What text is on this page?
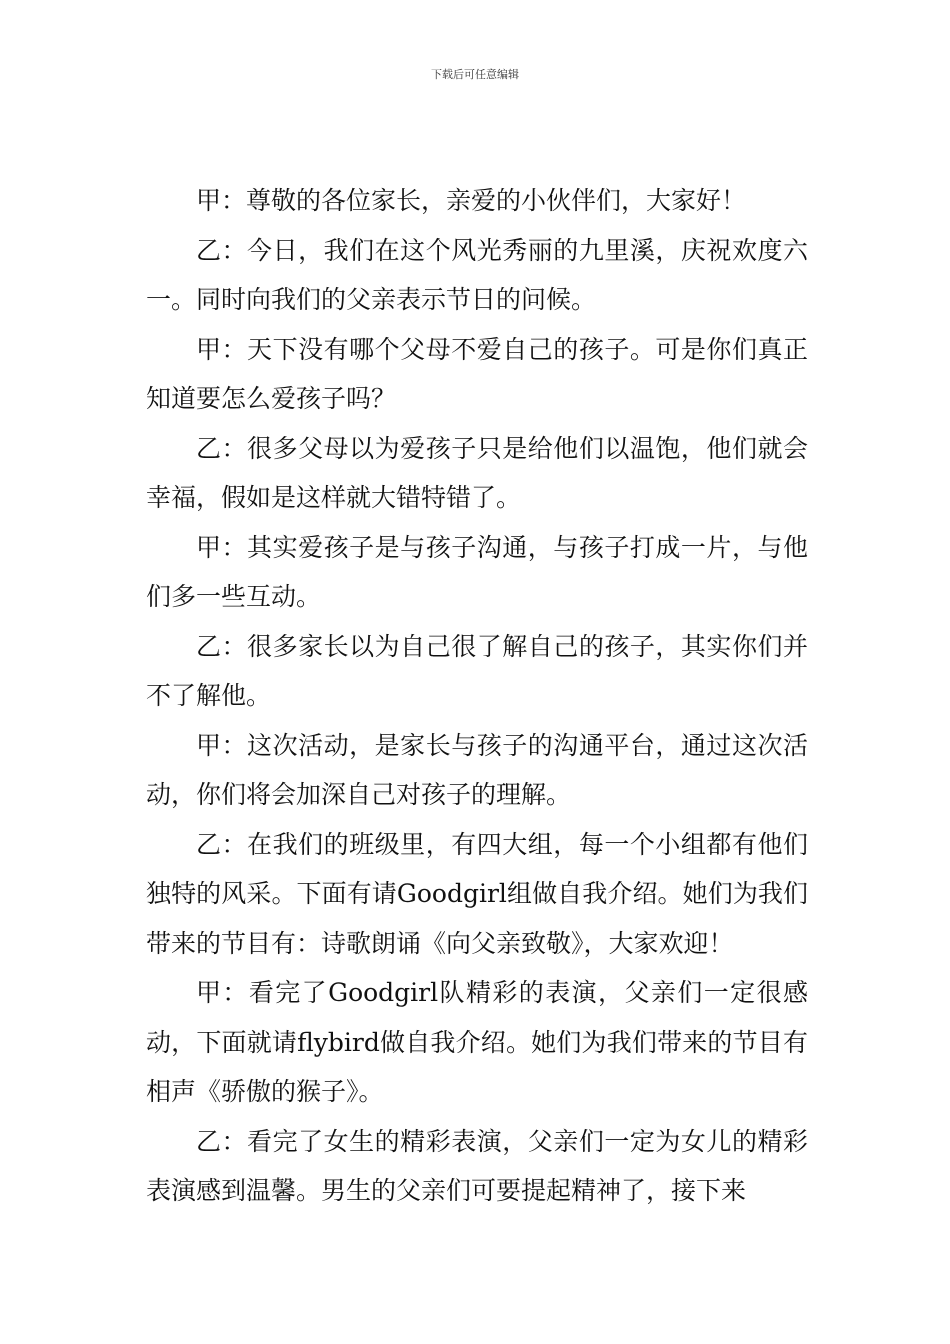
下载后可任意编辑

甲：尊敬的各位家长，亲爱的小伙伴们，大家好！

乙：今日，我们在这个风光秀丽的九里溪，庆祝欢度六一。同时向我们的父亲表示节日的问候。

甲：天下没有哪个父母不爱自己的孩子。可是你们真正知道要怎么爱孩子吗？

乙：很多父母以为爱孩子只是给他们以温饱，他们就会幸福，假如是这样就大错特错了。

甲：其实爱孩子是与孩子沟通，与孩子打成一片，与他们多一些互动。

乙：很多家长以为自己很了解自己的孩子，其实你们并不了解他。

甲：这次活动，是家长与孩子的沟通平台，通过这次活动，你们将会加深自己对孩子的理解。

乙：在我们的班级里，有四大组，每一个小组都有他们独特的风采。下面有请Goodgirl组做自我介绍。她们为我们带来的节目有：诗歌朗诵《向父亲致敬》，大家欢迎！

甲：看完了Goodgirl队精彩的表演，父亲们一定很感动，下面就请flybird做自我介绍。她们为我们带来的节目有相声《骄傲的猴子》。

乙：看完了女生的精彩表演，父亲们一定为女儿的精彩表演感到温馨。男生的父亲们可要提起精神了，接下来
